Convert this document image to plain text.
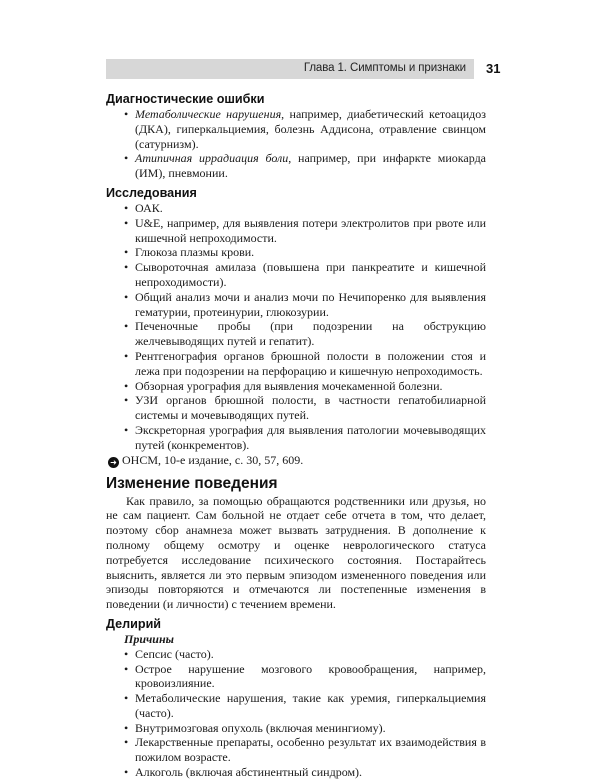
Глава 1. Симптомы и признаки 31
Диагностические ошибки
• Метаболические нарушения, например, диабетический кетоацидоз (ДКА), гиперкальциемия, болезнь Аддисона, отравление свинцом (сатурнизм).
• Атипичная иррадиация боли, например, при инфаркте миокарда (ИМ), пневмонии.
Исследования
• ОАК.
• U&E, например, для выявления потери электролитов при рвоте или кишечной непроходимости.
• Глюкоза плазмы крови.
• Сывороточная амилаза (повышена при панкреатите и кишечной непроходимости).
• Общий анализ мочи и анализ мочи по Нечипоренко для выявления гематурии, протеинурии, глюкозурии.
• Печеночные пробы (при подозрении на обструкцию желчевыводящих путей и гепатит).
• Рентгенография органов брюшной полости в положении стоя и лежа при подозрении на перфорацию и кишечную непроходимость.
• Обзорная урография для выявления мочекаменной болезни.
• УЗИ органов брюшной полости, в частности гепатобилиарной системы и мочевыводящих путей.
• Экскреторная урография для выявления патологии мочевыводящих путей (конкрементов).

➜ ОНСМ, 10-е издание, с. 30, 57, 609.

Изменение поведения

Как правило, за помощью обращаются родственники или друзья, но не сам пациент. Сам больной не отдает себе отчета в том, что делает, поэтому сбор анамнеза может вызвать затруднения. В дополнение к полному общему осмотру и оценке неврологического статуса потребуется исследование психического состояния. Постарайтесь выяснить, является ли это первым эпизодом измененного поведения или эпизоды повторяются и отмечаются ли постепенные изменения в поведении (и личности) с течением времени.

Делирий

Причины

• Сепсис (часто).
• Острое нарушение мозгового кровообращения, например, кровоизлияние.
• Метаболические нарушения, такие как уремия, гиперкальциемия (часто).
• Внутримозговая опухоль (включая менингиому).
• Лекарственные препараты, особенно результат их взаимодействия в пожилом возрасте.
• Алкоголь (включая абстинентный синдром).
